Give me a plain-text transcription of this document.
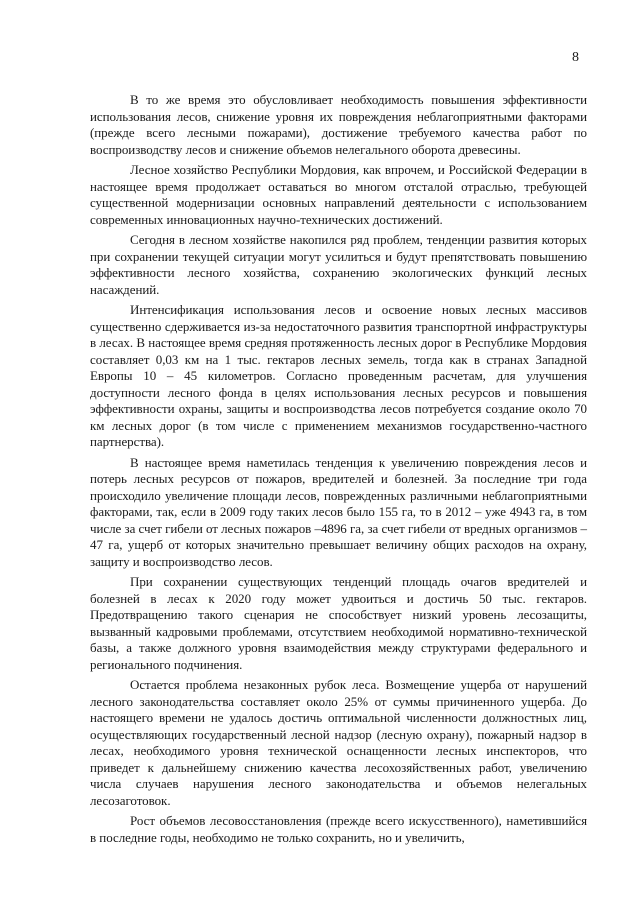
8

В то же время это обусловливает необходимость повышения эффективности использования лесов, снижение уровня их повреждения неблагоприятными факторами (прежде всего лесными пожарами), достижение требуемого качества работ по воспроизводству лесов и снижение объемов нелегального оборота древесины.

Лесное хозяйство Республики Мордовия, как впрочем, и Российской Федерации в настоящее время продолжает оставаться во многом отсталой отраслью, требующей существенной модернизации основных направлений деятельности с использованием современных инновационных научно-технических достижений.

Сегодня в лесном хозяйстве накопился ряд проблем, тенденции развития которых при сохранении текущей ситуации могут усилиться и будут препятствовать повышению эффективности лесного хозяйства, сохранению экологических функций лесных насаждений.

Интенсификация использования лесов и освоение новых лесных массивов существенно сдерживается из-за недостаточного развития транспортной инфраструктуры в лесах. В настоящее время средняя протяженность лесных дорог в Республике Мордовия составляет 0,03 км на 1 тыс. гектаров лесных земель, тогда как в странах Западной Европы 10 – 45 километров. Согласно проведенным расчетам, для улучшения доступности лесного фонда в целях использования лесных ресурсов и повышения эффективности охраны, защиты и воспроизводства лесов потребуется создание около 70 км лесных дорог (в том числе с применением механизмов государственно-частного партнерства).

В настоящее время наметилась тенденция к увеличению повреждения лесов и потерь лесных ресурсов от пожаров, вредителей и болезней. За последние три года происходило увеличение площади лесов, поврежденных различными неблагоприятными факторами, так, если в 2009 году таких лесов было 155 га, то в 2012 – уже 4943 га, в том числе за счет гибели от лесных пожаров –4896 га, за счет гибели от вредных организмов – 47 га, ущерб от которых значительно превышает величину общих расходов на охрану, защиту и воспроизводство лесов.

При сохранении существующих тенденций площадь очагов вредителей и болезней в лесах к 2020 году может удвоиться и достичь 50 тыс. гектаров. Предотвращению такого сценария не способствует низкий уровень лесозащиты, вызванный кадровыми проблемами, отсутствием необходимой нормативно-технической базы, а также должного уровня взаимодействия между структурами федерального и регионального подчинения.

Остается проблема незаконных рубок леса. Возмещение ущерба от нарушений лесного законодательства составляет около 25% от суммы причиненного ущерба. До настоящего времени не удалось достичь оптимальной численности должностных лиц, осуществляющих государственный лесной надзор (лесную охрану), пожарный надзор в лесах, необходимого уровня технической оснащенности лесных инспекторов, что приведет к дальнейшему снижению качества лесохозяйственных работ, увеличению числа случаев нарушения лесного законодательства и объемов нелегальных лесозаготовок.

Рост объемов лесовосстановления (прежде всего искусственного), наметившийся в последние годы, необходимо не только сохранить, но и увеличить,
